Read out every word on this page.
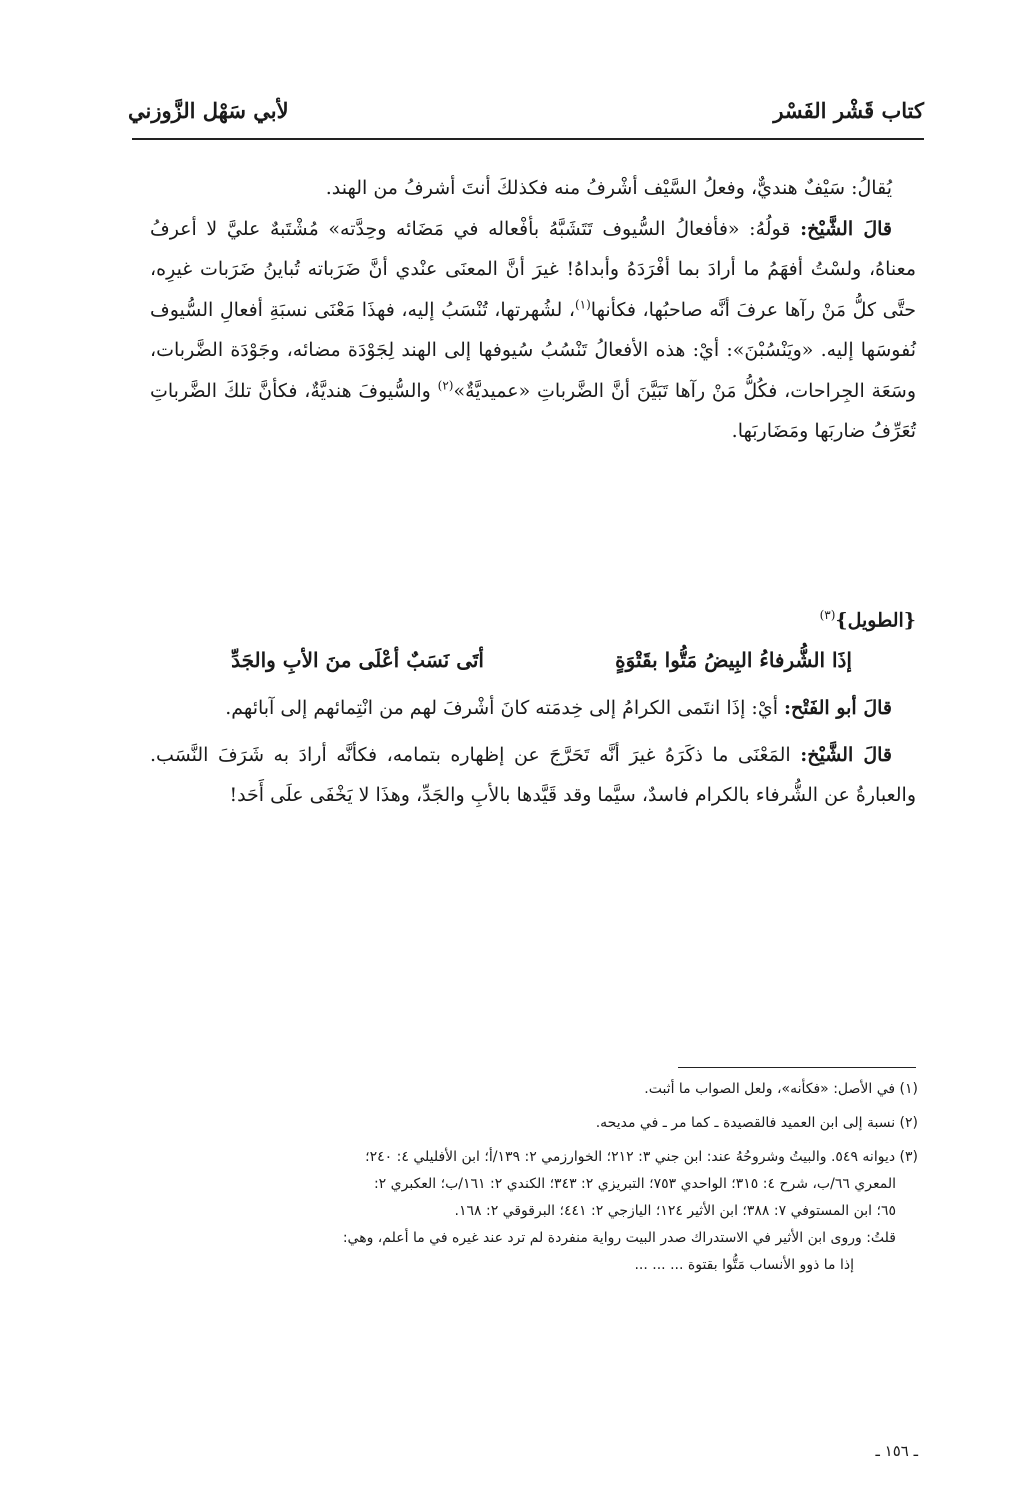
كتاب قَشْر الفَسْر
لأبي سَهْل الزَّوزني

يُقالُ: سَيْفٌ هنديٌّ، وفعلُ السَّيْف أشْرفُ منه فكذلكَ أنتَ أشرفُ من الهند.

قالَ الشَّيْخ: قولُهُ: «فأفعالُ السُّيوف تَتَشَبَّهُ بأفْعاله في مَضَائه وحِدَّته» مُشْتَبهٌ عليَّ لا أعرفُ معناهُ، ولسْتُ أفهَمُ ما أرادَ بما أفْرَدَهُ وأبداهُ! غيرَ أنَّ المعنَى عنْدي أنَّ ضَرَباته تُباينُ ضَرَبات غيرِه، حتَّى كلُّ مَنْ رآها عرفَ أنَّه صاحبُها، فكأنها$^{(١)}$، لشُهرتها، تُنْسَبُ إليه، فهذَا مَعْنَى نسبَةِ أفعالِ السُّيوف نُفوسَها إليه. «ويَنْسُبْنَ»: أيْ: هذه الأفعالُ تَنْسُبُ سُيوفها إلى الهند لِجَوْدَة مضائه، وجَوْدَة الضَّربات، وسَعَة الجِراحات، فكُلُّ مَنْ رآها تَبَيَّنَ أنَّ الضَّرباتِ «عميديَّةٌ»$^{(٢)}$ والسُّيوفَ هنديَّةٌ، فكأنَّ تلكَ الضَّرباتِ تُعَرِّفُ ضاربَها ومَضَاربَها.

{الطويل}$^{(٣)}$
إذَا الشُّرفاءُ البِيضُ مَتُّوا بقَتْوَةٍ
أتَى نَسَبٌ أعْلَى منَ الأبِ والجَدِّ

قالَ أبو الفَتْح: أيْ: إذَا انتَمى الكرامُ إلى خِدمَته كانَ أشْرفَ لهم من انْتِمائهم إلى آبائهم.

قالَ الشَّيْخ: المَعْنَى ما ذكَرَهُ غيرَ أنَّه تَحَرَّجَ عن إظهاره بتمامه، فكأنَّه أرادَ به شَرَفَ النَّسَب. والعبارةُ عن الشُّرفاء بالكرام فاسدٌ، سيَّما وقد قَيَّدها بالأبِ والجَدِّ، وهذَا لا يَخْفَى علَى أَحَد!

(١) في الأصل: «فكأنه»، ولعل الصواب ما أثبت.

(٢) نسبة إلى ابن العميد فالقصيدة ـ كما مر ـ في مديحه.

(٣) ديوانه ٥٤٩. والبيتُ وشروحُهُ عند: ابن جني ٣: ٢١٢؛ الخوارزمي ٢: ١٣٩/أ؛ ابن الأفليلي ٤: ٢٤٠؛

المعري ٦٦/ب، شرح ٤: ٣١٥؛ الواحدي ٧٥٣؛ التبريزي ٢: ٣٤٣؛ الكندي ٢: ١٦١/ب؛ العكبري ٢:

٦٥؛ ابن المستوفي ٧: ٣٨٨؛ ابن الأثير ١٢٤؛ اليازجي ٢: ٤٤١؛ البرقوقي ٢: ١٦٨.

قلتُ: وروى ابن الأثير في الاستدراك صدر البيت رواية منفردة لم ترد عند غيره في ما أعلم، وهي:

إذا ما ذوو الأنساب مَتُّوا بقتوة ... ... ...

ـ ١٥٦ ـ
